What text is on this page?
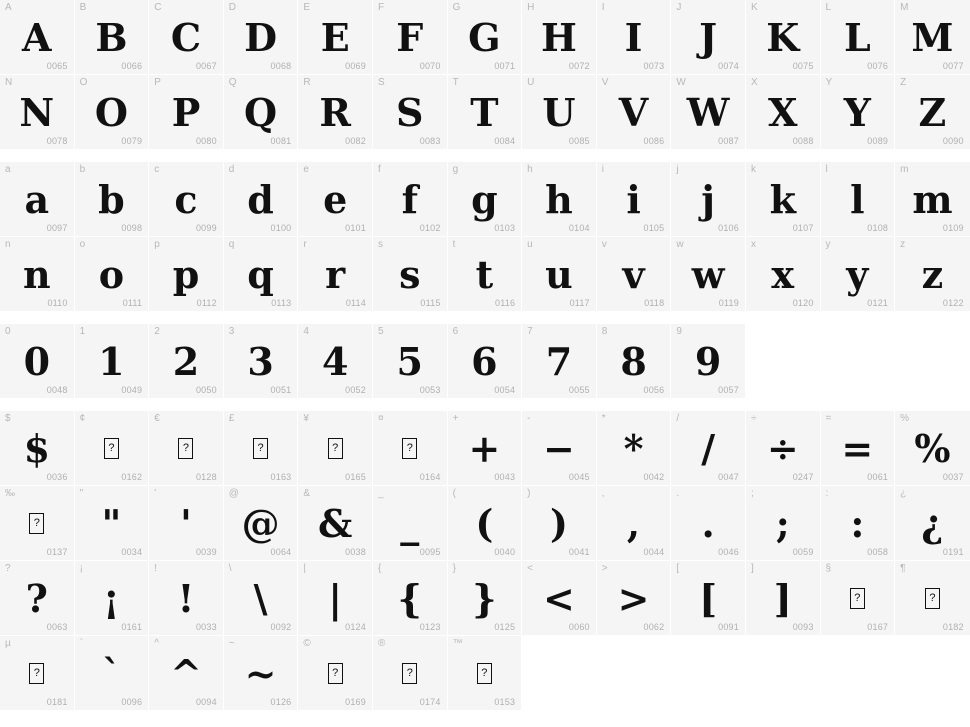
A
A
0065
B
B
0066
C
C
0067
D
D
0068
E
E
0069
F
F
0070
G
G
0071
H
H
0072
I
I
0073
J
J
0074
K
K
0075
L
L
0076
M
M
0077
N
N
0078
O
O
0079
P
P
0080
Q
Q
0081
R
R
0082
S
S
0083
T
T
0084
U
U
0085
V
V
0086
W
W
0087
X
X
0088
Y
Y
0089
Z
Z
0090
a
a
0097
b
b
0098
c
c
0099
d
d
0100
e
e
0101
f
f
0102
g
g
0103
h
h
0104
i
i
0105
j
j
0106
k
k
0107
l
l
0108
m
m
0109
n
n
0110
o
o
0111
p
p
0112
q
q
0113
r
r
0114
s
s
0115
t
t
0116
u
u
0117
v
v
0118
w
w
0119
x
x
0120
y
y
0121
z
z
0122
0
0
0048
1
1
0049
2
2
0050
3
3
0051
4
4
0052
5
5
0053
6
6
0054
7
7
0055
8
8
0056
9
9
0057
$
$
0036
¢
0162
€
0128
£
0163
¥
0165
¤
0164
+
+
0043
-
−
0045
*
*
0042
/
/
0047
÷
÷
0247
=
=
0061
%
%
0037
‰
0137
"
"
0034
'
'
0039
@
@
0064
&
&
0038
_
_
0095
(
(
0040
)
)
0041
,
,
0044
.
.
0046
;
;
0059
:
:
0058
¿
¿
0191
?
?
0063
¡
¡
0161
!
!
0033
\
\
0092
|
|
0124
{
{
0123
}
}
0125
<
<
0060
>
>
0062
[
[
0091
]
]
0093
§
0167
¶
0182
µ
0181
`
`
0096
^
^
0094
~
~
0126
©
0169
®
0174
™
0153
